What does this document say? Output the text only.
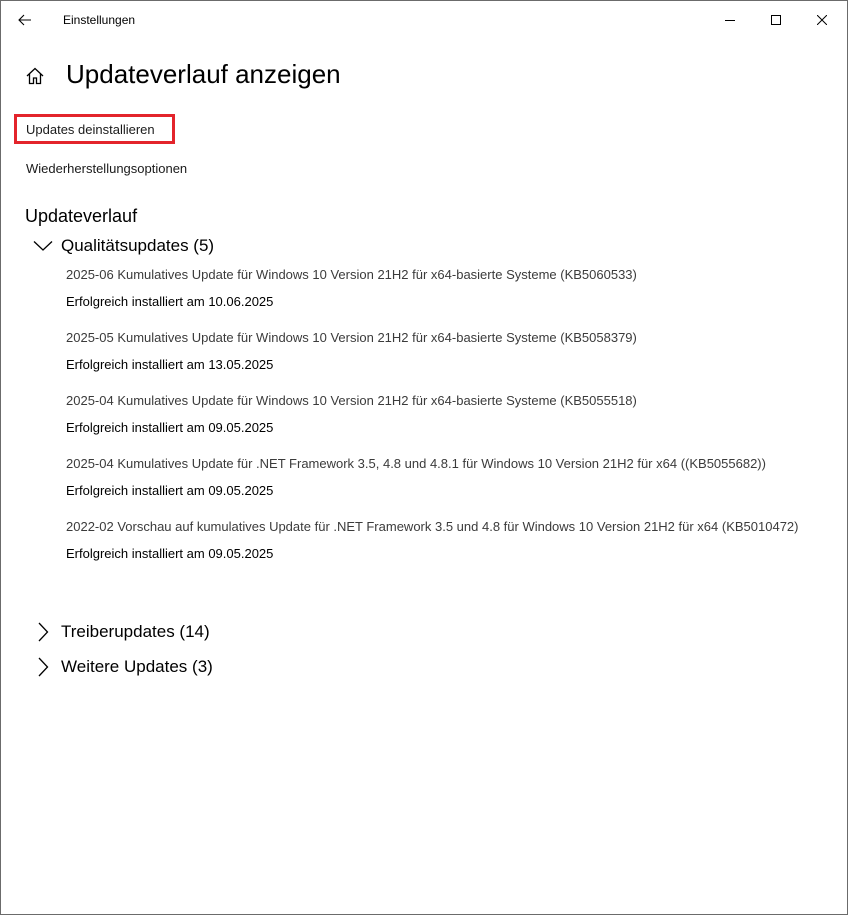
Einstellungen
Updateverlauf anzeigen
Updates deinstallieren
Wiederherstellungsoptionen
Updateverlauf
Qualitätsupdates (5)
2025-06 Kumulatives Update für Windows 10 Version 21H2 für x64-basierte Systeme (KB5060533)
Erfolgreich installiert am 10.06.2025
2025-05 Kumulatives Update für Windows 10 Version 21H2 für x64-basierte Systeme (KB5058379)
Erfolgreich installiert am 13.05.2025
2025-04 Kumulatives Update für Windows 10 Version 21H2 für x64-basierte Systeme (KB5055518)
Erfolgreich installiert am 09.05.2025
2025-04 Kumulatives Update für .NET Framework 3.5, 4.8 und 4.8.1 für Windows 10 Version 21H2 für x64 ((KB5055682))
Erfolgreich installiert am 09.05.2025
2022-02 Vorschau auf kumulatives Update für .NET Framework 3.5 und 4.8 für Windows 10 Version 21H2 für x64 (KB5010472)
Erfolgreich installiert am 09.05.2025
Treiberupdates (14)
Weitere Updates (3)
